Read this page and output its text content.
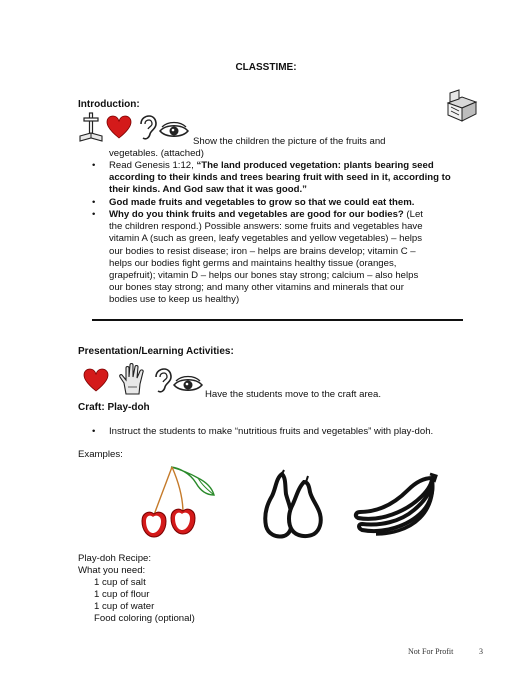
CLASSTIME:
Introduction:
Show the children the picture of the fruits and
vegetables. (attached)
•	Read Genesis 1:12, “The land produced vegetation: plants bearing seed
according to their kinds and trees bearing fruit with seed in it, according to
their kinds. And God saw that it was good.”
•	God made fruits and vegetables to grow so that we could eat them.
•	Why do you think fruits and vegetables are good for our bodies? (Let
the children respond.) Possible answers: some fruits and vegetables have
vitamin A (such as green, leafy vegetables and yellow vegetables) – helps
our bodies to resist disease; iron – helps are brains develop; vitamin C –
helps our bodies fight germs and maintains healthy tissue (oranges,
grapefruit); vitamin D – helps our bones stay strong; calcium – also helps
our bones stay strong; and many other vitamins and minerals that our
bodies use to keep us healthy)
Presentation/Learning Activities:
Have the students move to the craft area.
Craft: Play-doh
•	Instruct the students to make “nutritious fruits and vegetables” with play-doh.
Examples:
Play-doh Recipe:
What you need:
1 cup of salt
1 cup of flour
1 cup of water
Food coloring (optional)
Not For Profit	3
